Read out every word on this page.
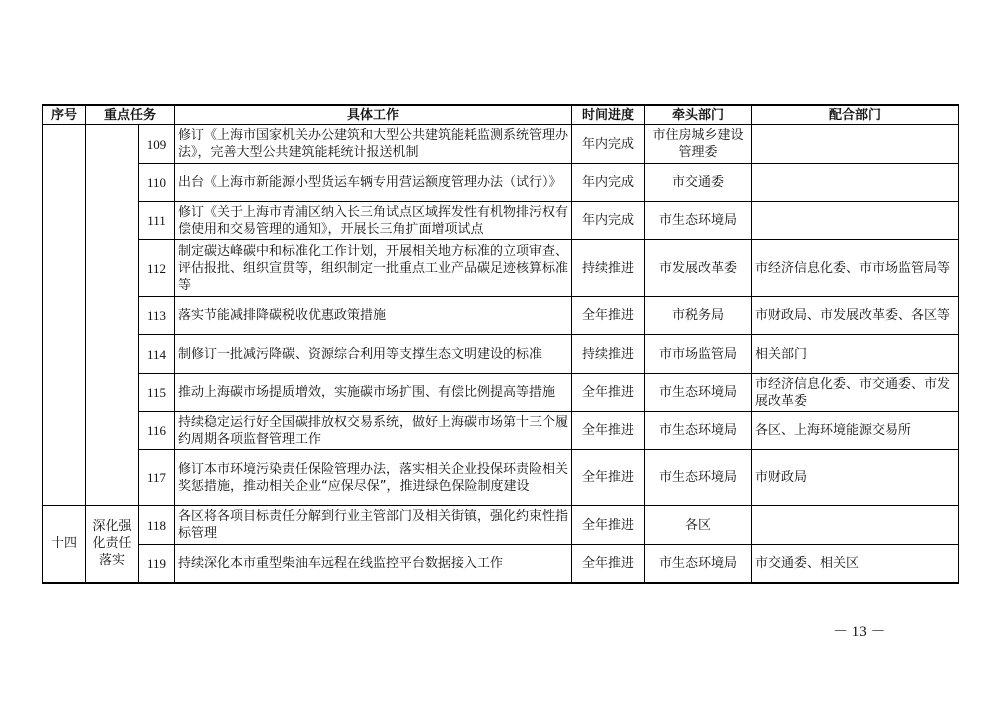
序号	重点任务		具体工作	时间进度	牵头部门	配合部门
		109	修订《上海市国家机关办公建筑和大型公共建筑能耗监测系统管理办法》，完善大型公共建筑能耗统计报送机制	年内完成	市住房城乡建设管理委	
		110	出台《上海市新能源小型货运车辆专用营运额度管理办法（试行）》	年内完成	市交通委	
		111	修订《关于上海市青浦区纳入长三角试点区域挥发性有机物排污权有偿使用和交易管理的通知》，开展长三角扩面增项试点	年内完成	市生态环境局	
		112	制定碳达峰碳中和标准化工作计划，开展相关地方标准的立项审查、评估报批、组织宣贯等，组织制定一批重点工业产品碳足迹核算标准等	持续推进	市发展改革委	市经济信息化委、市市场监管局等
		113	落实节能减排降碳税收优惠政策措施	全年推进	市税务局	市财政局、市发展改革委、各区等
		114	制修订一批减污降碳、资源综合利用等支撑生态文明建设的标准	持续推进	市市场监管局	相关部门
		115	推动上海碳市场提质增效，实施碳市场扩围、有偿比例提高等措施	全年推进	市生态环境局	市经济信息化委、市交通委、市发展改革委
		116	持续稳定运行好全国碳排放权交易系统，做好上海碳市场第十三个履约周期各项监督管理工作	全年推进	市生态环境局	各区、上海环境能源交易所
		117	修订本市环境污染责任保险管理办法，落实相关企业投保环责险相关奖惩措施，推动相关企业“应保尽保”，推进绿色保险制度建设	全年推进	市生态环境局	市财政局
十四	深化强化责任落实	118	各区将各项目标责任分解到行业主管部门及相关街镇，强化约束性指标管理	全年推进	各区	
		119	持续深化本市重型柴油车远程在线监控平台数据接入工作	全年推进	市生态环境局	市交通委、相关区
－ 13 －
